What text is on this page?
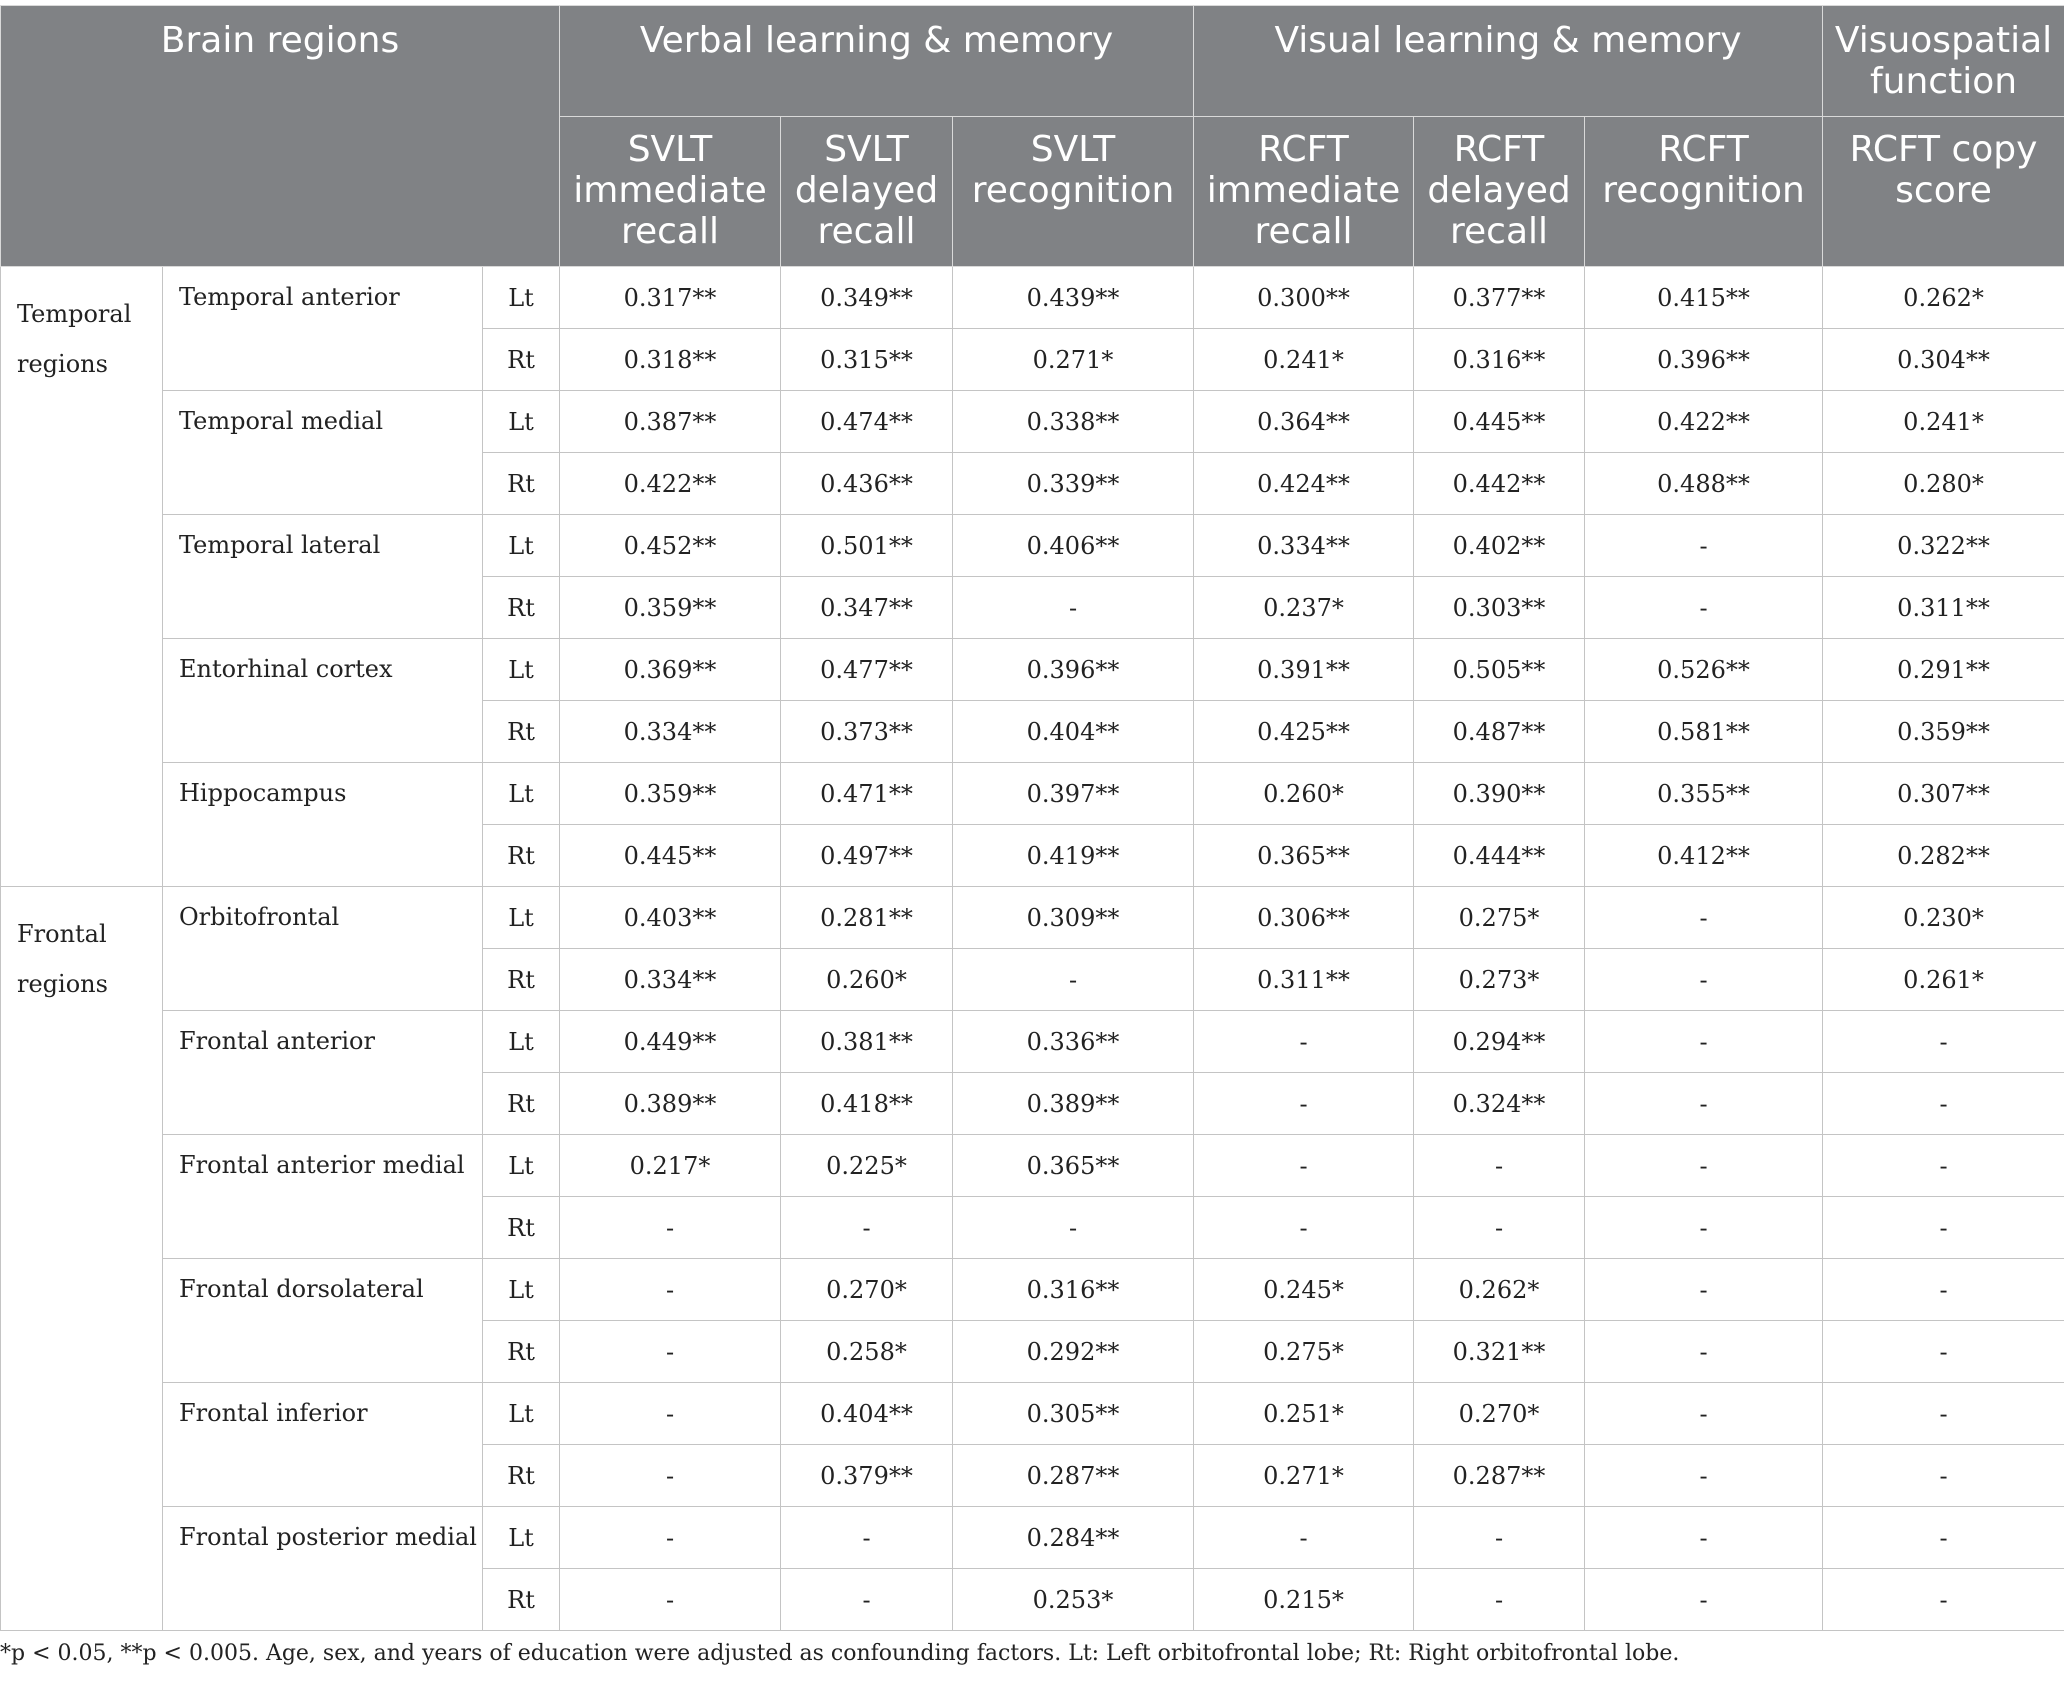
Brain regions			Verbal learning & memory			Visual learning & memory			Visuospatial function
			SVLT immediate recall	SVLT delayed recall	SVLT recognition	RCFT immediate recall	RCFT delayed recall	RCFT recognition	RCFT copy score
Temporal regions	Temporal anterior	Lt	0.317**	0.349**	0.439**	0.300**	0.377**	0.415**	0.262*
		Rt	0.318**	0.315**	0.271*	0.241*	0.316**	0.396**	0.304**
	Temporal medial	Lt	0.387**	0.474**	0.338**	0.364**	0.445**	0.422**	0.241*
		Rt	0.422**	0.436**	0.339**	0.424**	0.442**	0.488**	0.280*
	Temporal lateral	Lt	0.452**	0.501**	0.406**	0.334**	0.402**	-	0.322**
		Rt	0.359**	0.347**	-	0.237*	0.303**	-	0.311**
	Entorhinal cortex	Lt	0.369**	0.477**	0.396**	0.391**	0.505**	0.526**	0.291**
		Rt	0.334**	0.373**	0.404**	0.425**	0.487**	0.581**	0.359**
	Hippocampus	Lt	0.359**	0.471**	0.397**	0.260*	0.390**	0.355**	0.307**
		Rt	0.445**	0.497**	0.419**	0.365**	0.444**	0.412**	0.282**
Frontal regions	Orbitofrontal	Lt	0.403**	0.281**	0.309**	0.306**	0.275*	-	0.230*
		Rt	0.334**	0.260*	-	0.311**	0.273*	-	0.261*
	Frontal anterior	Lt	0.449**	0.381**	0.336**	-	0.294**	-	-
		Rt	0.389**	0.418**	0.389**	-	0.324**	-	-
	Frontal anterior medial	Lt	0.217*	0.225*	0.365**	-	-	-	-
		Rt	-	-	-	-	-	-	-
	Frontal dorsolateral	Lt	-	0.270*	0.316**	0.245*	0.262*	-	-
		Rt	-	0.258*	0.292**	0.275*	0.321**	-	-
	Frontal inferior	Lt	-	0.404**	0.305**	0.251*	0.270*	-	-
		Rt	-	0.379**	0.287**	0.271*	0.287**	-	-
	Frontal posterior medial	Lt	-	-	0.284**	-	-	-	-
		Rt	-	-	0.253*	0.215*	-	-	-
*p < 0.05, **p < 0.005. Age, sex, and years of education were adjusted as confounding factors. Lt: Left orbitofrontal lobe; Rt: Right orbitofrontal lobe.
